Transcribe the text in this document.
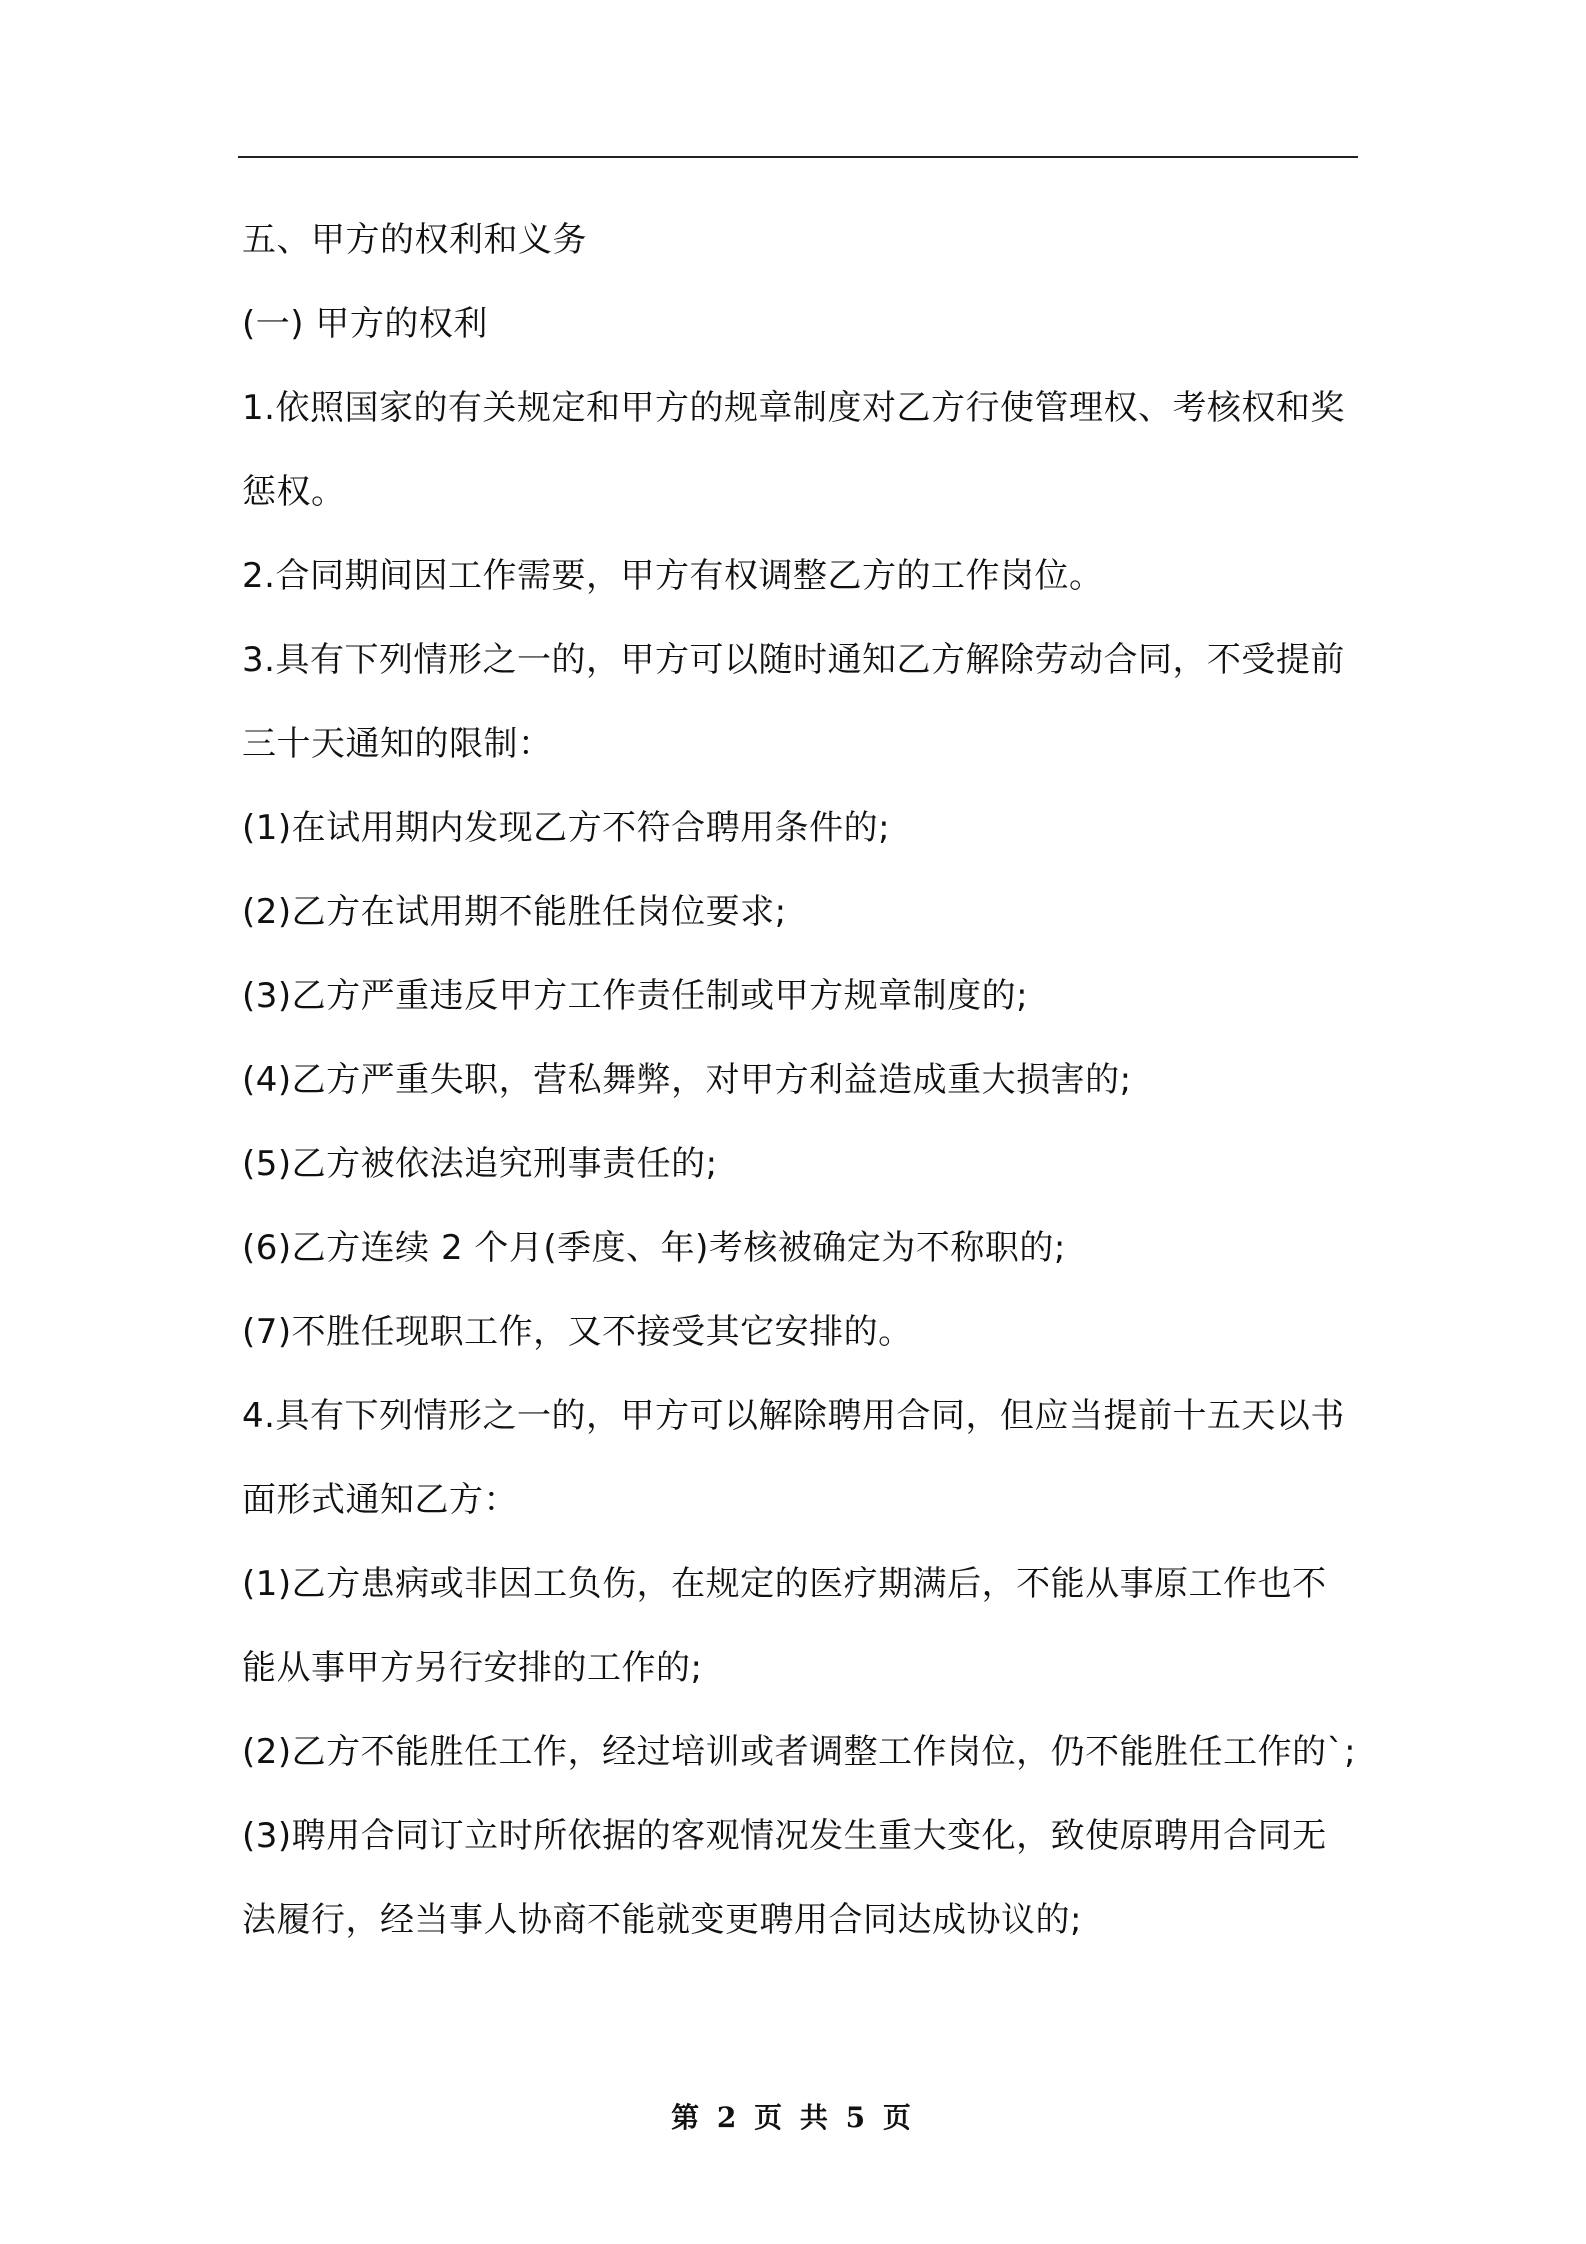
五、甲方的权利和义务

(一) 甲方的权利

1.依照国家的有关规定和甲方的规章制度对乙方行使管理权、考核权和奖惩权。

2.合同期间因工作需要，甲方有权调整乙方的工作岗位。

3.具有下列情形之一的，甲方可以随时通知乙方解除劳动合同，不受提前三十天通知的限制：

(1)在试用期内发现乙方不符合聘用条件的;

(2)乙方在试用期不能胜任岗位要求;

(3)乙方严重违反甲方工作责任制或甲方规章制度的;

(4)乙方严重失职，营私舞弊，对甲方利益造成重大损害的;

(5)乙方被依法追究刑事责任的;

(6)乙方连续 2 个月(季度、年)考核被确定为不称职的;

(7)不胜任现职工作，又不接受其它安排的。

4.具有下列情形之一的，甲方可以解除聘用合同，但应当提前十五天以书面形式通知乙方：

(1)乙方患病或非因工负伤，在规定的医疗期满后，不能从事原工作也不能从事甲方另行安排的工作的;

(2)乙方不能胜任工作，经过培训或者调整工作岗位，仍不能胜任工作的`;

(3)聘用合同订立时所依据的客观情况发生重大变化，致使原聘用合同无法履行，经当事人协商不能就变更聘用合同达成协议的;

第 2 页 共 5 页
